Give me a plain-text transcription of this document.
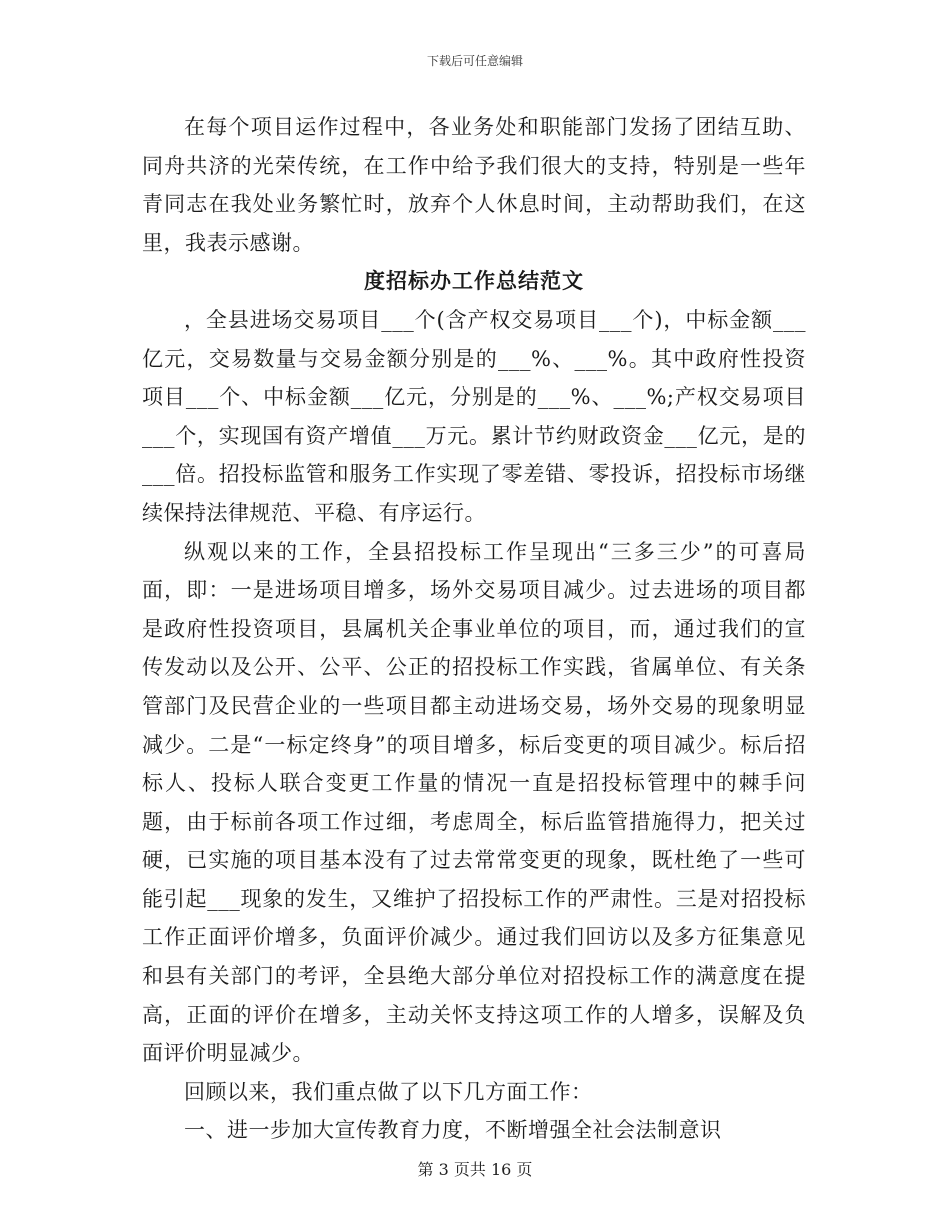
下载后可任意编辑

在每个项目运作过程中，各业务处和职能部门发扬了团结互助、同舟共济的光荣传统，在工作中给予我们很大的支持，特别是一些年青同志在我处业务繁忙时，放弃个人休息时间，主动帮助我们，在这里，我表示感谢。

度招标办工作总结范文

，全县进场交易项目___个(含产权交易项目___个)，中标金额___亿元，交易数量与交易金额分别是的___%、___%。其中政府性投资项目___个、中标金额___亿元，分别是的___%、___%;产权交易项目___个，实现国有资产增值___万元。累计节约财政资金___亿元，是的___倍。招投标监管和服务工作实现了零差错、零投诉，招投标市场继续保持法律规范、平稳、有序运行。

纵观以来的工作，全县招投标工作呈现出“三多三少”的可喜局面，即：一是进场项目增多，场外交易项目减少。过去进场的项目都是政府性投资项目，县属机关企事业单位的项目，而，通过我们的宣传发动以及公开、公平、公正的招投标工作实践，省属单位、有关条管部门及民营企业的一些项目都主动进场交易，场外交易的现象明显减少。二是“一标定终身”的项目增多，标后变更的项目减少。标后招标人、投标人联合变更工作量的情况一直是招投标管理中的棘手问题，由于标前各项工作过细，考虑周全，标后监管措施得力，把关过硬，已实施的项目基本没有了过去常常变更的现象，既杜绝了一些可能引起___现象的发生，又维护了招投标工作的严肃性。三是对招投标工作正面评价增多，负面评价减少。通过我们回访以及多方征集意见和县有关部门的考评，全县绝大部分单位对招投标工作的满意度在提高，正面的评价在增多，主动关怀支持这项工作的人增多，误解及负面评价明显减少。

回顾以来，我们重点做了以下几方面工作：

一、进一步加大宣传教育力度，不断增强全社会法制意识

第 3 页共 16 页
